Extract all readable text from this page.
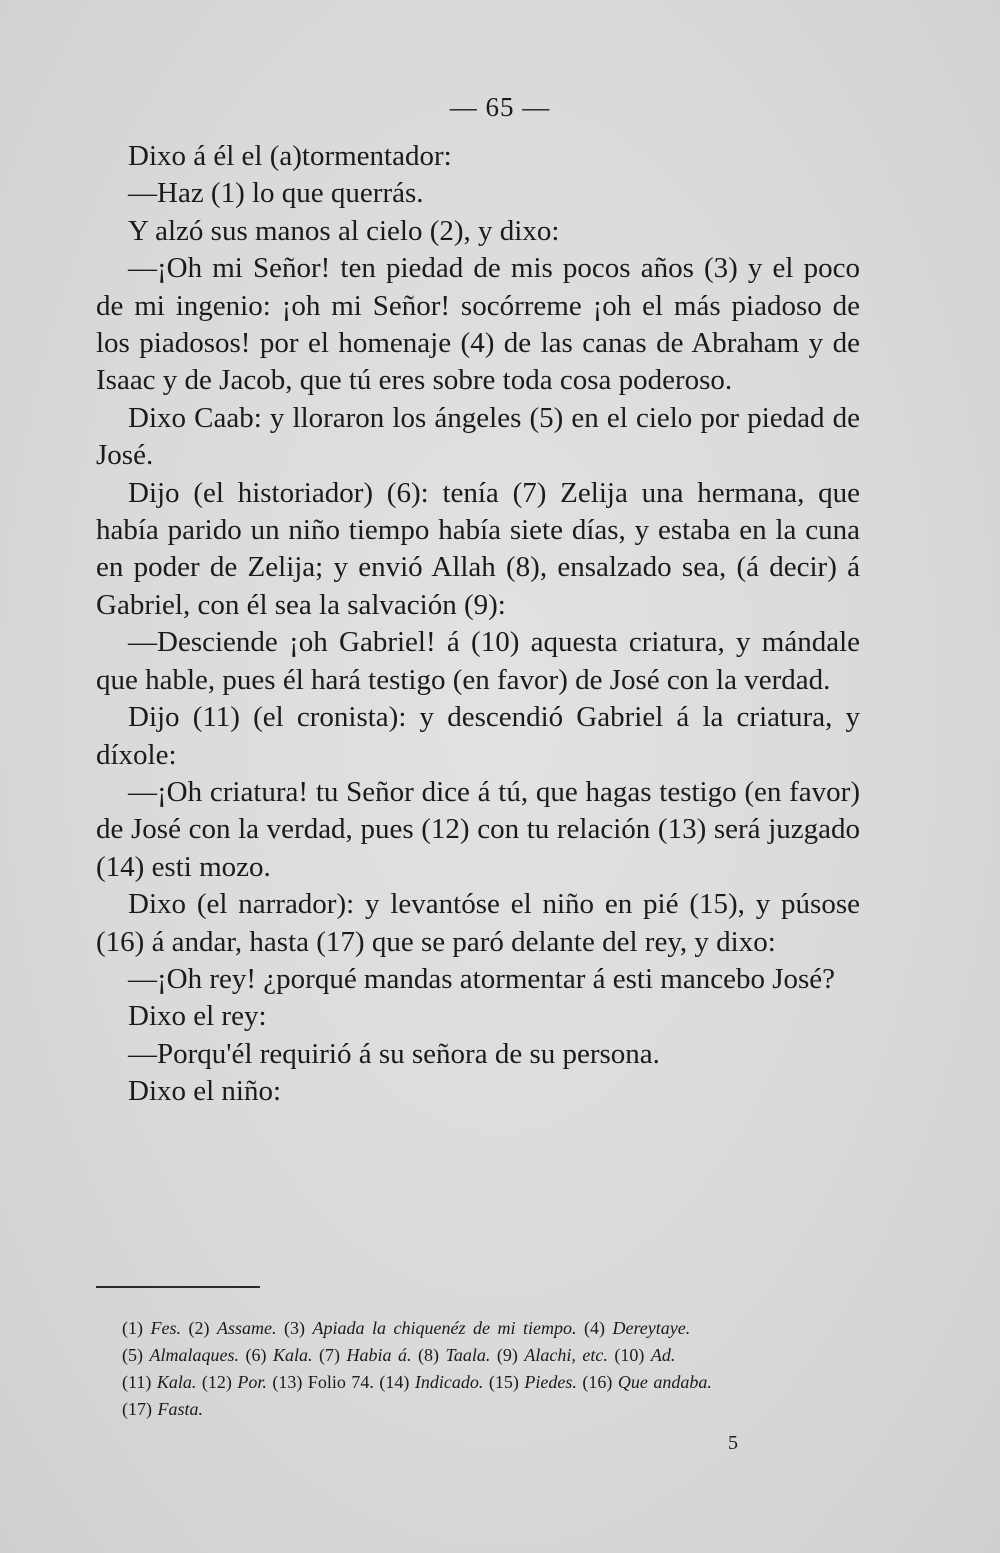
— 65 —

Dixo á él el (a)tormentador:

—Haz (1) lo que querrás.

Y alzó sus manos al cielo (2), y dixo:

—¡Oh mi Señor! ten piedad de mis pocos años (3) y el poco de mi ingenio: ¡oh mi Señor! socórreme ¡oh el más piadoso de los piadosos! por el homenaje (4) de las canas de Abraham y de Isaac y de Jacob, que tú eres sobre toda cosa poderoso.

Dixo Caab: y lloraron los ángeles (5) en el cielo por piedad de José.

Dijo (el historiador) (6): tenía (7) Zelija una hermana, que había parido un niño tiempo había siete días, y estaba en la cuna en poder de Zelija; y envió Allah (8), ensalzado sea, (á decir) á Gabriel, con él sea la salvación (9):

—Desciende ¡oh Gabriel! á (10) aquesta criatura, y mándale que hable, pues él hará testigo (en favor) de José con la verdad.

Dijo (11) (el cronista): y descendió Gabriel á la criatura, y díxole:

—¡Oh criatura! tu Señor dice á tú, que hagas testigo (en favor) de José con la verdad, pues (12) con tu relación (13) será juzgado (14) esti mozo.

Dixo (el narrador): y levantóse el niño en pié (15), y púsose (16) á andar, hasta (17) que se paró delante del rey, y dixo:

—¡Oh rey! ¿porqué mandas atormentar á esti mancebo José?

Dixo el rey:

—Porqu'él requirió á su señora de su persona.

Dixo el niño:

(1) Fes. (2) Assame. (3) Apiada la chiquenéz de mi tiempo. (4) Dereytaye.
(5) Almalaques. (6) Kala. (7) Habia á. (8) Taala. (9) Alachi, etc. (10) Ad.
(11) Kala. (12) Por. (13) Folio 74. (14) Indicado. (15) Piedes. (16) Que andaba.
(17) Fasta.
5
